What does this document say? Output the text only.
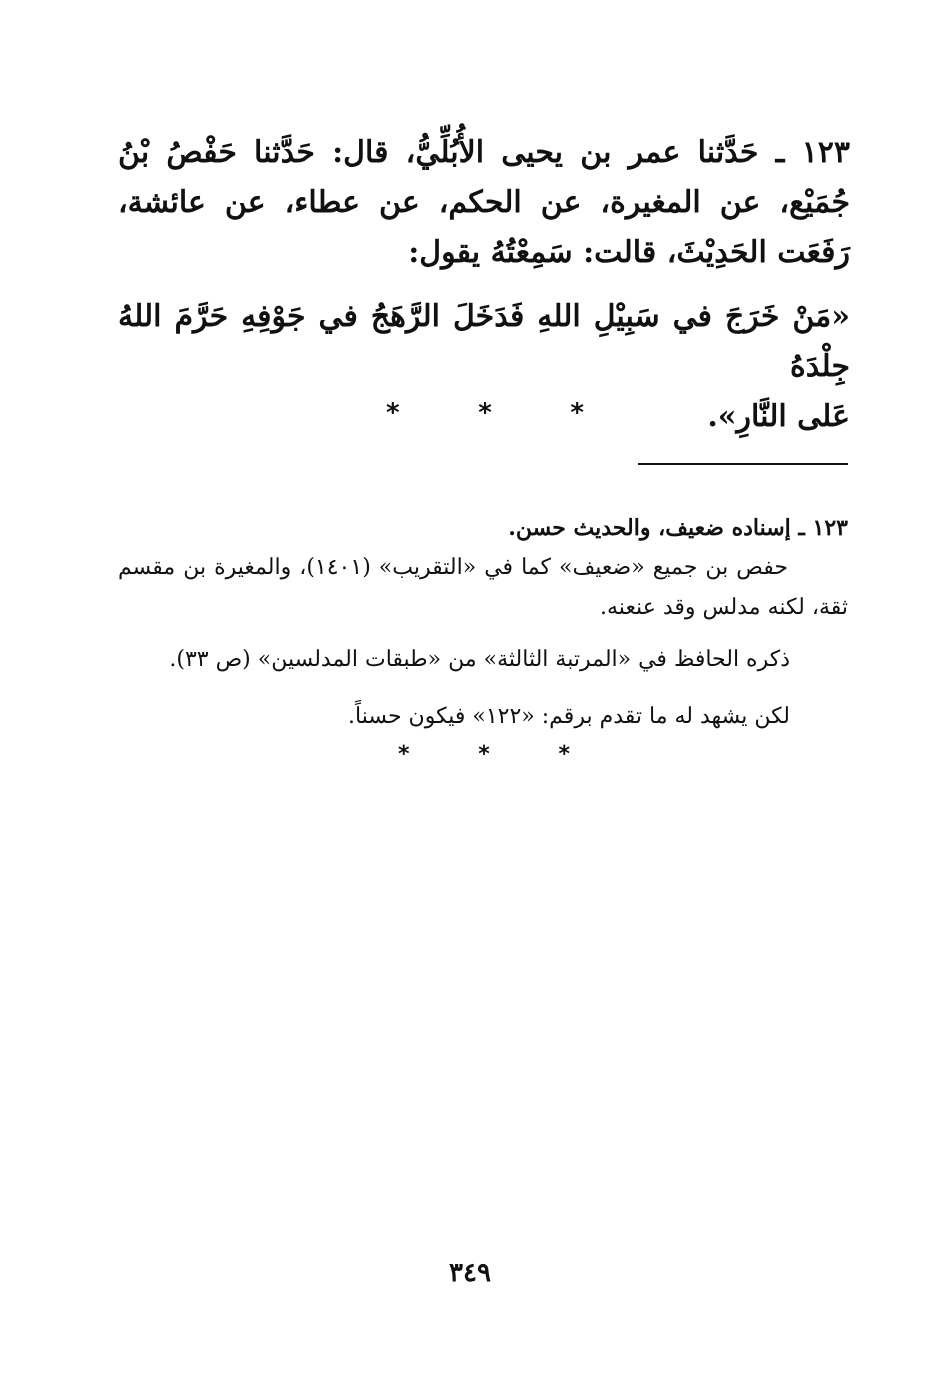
١٢٣ ـ حَدَّثنا عمر بن يحيى الأُبُلِّيُّ، قال: حَدَّثنا حَفْصُ بْنُ جُمَيْع، عن المغيرة، عن الحكم، عن عطاء، عن عائشة، رَفَعَت الحَدِيْثَ، قالت: سَمِعْتُهُ يقول:
«مَنْ خَرَجَ في سَبِيْلِ اللهِ فَدَخَلَ الرَّهَجُ في جَوْفِهِ حَرَّمَ اللهُ جِلْدَهُ
عَلى النَّارِ».
*	*	*
١٢٣ ـ إسناده ضعيف، والحديث حسن.
حفص بن جميع «ضعيف» كما في «التقريب» (١٤٠١)، والمغيرة بن مقسم
ثقة، لكنه مدلس وقد عنعنه.
ذكره الحافظ في «المرتبة الثالثة» من «طبقات المدلسين» (ص ٣٣).
لكن يشهد له ما تقدم برقم: «١٢٢» فيكون حسناً.
*	*	*
٣٤٩
